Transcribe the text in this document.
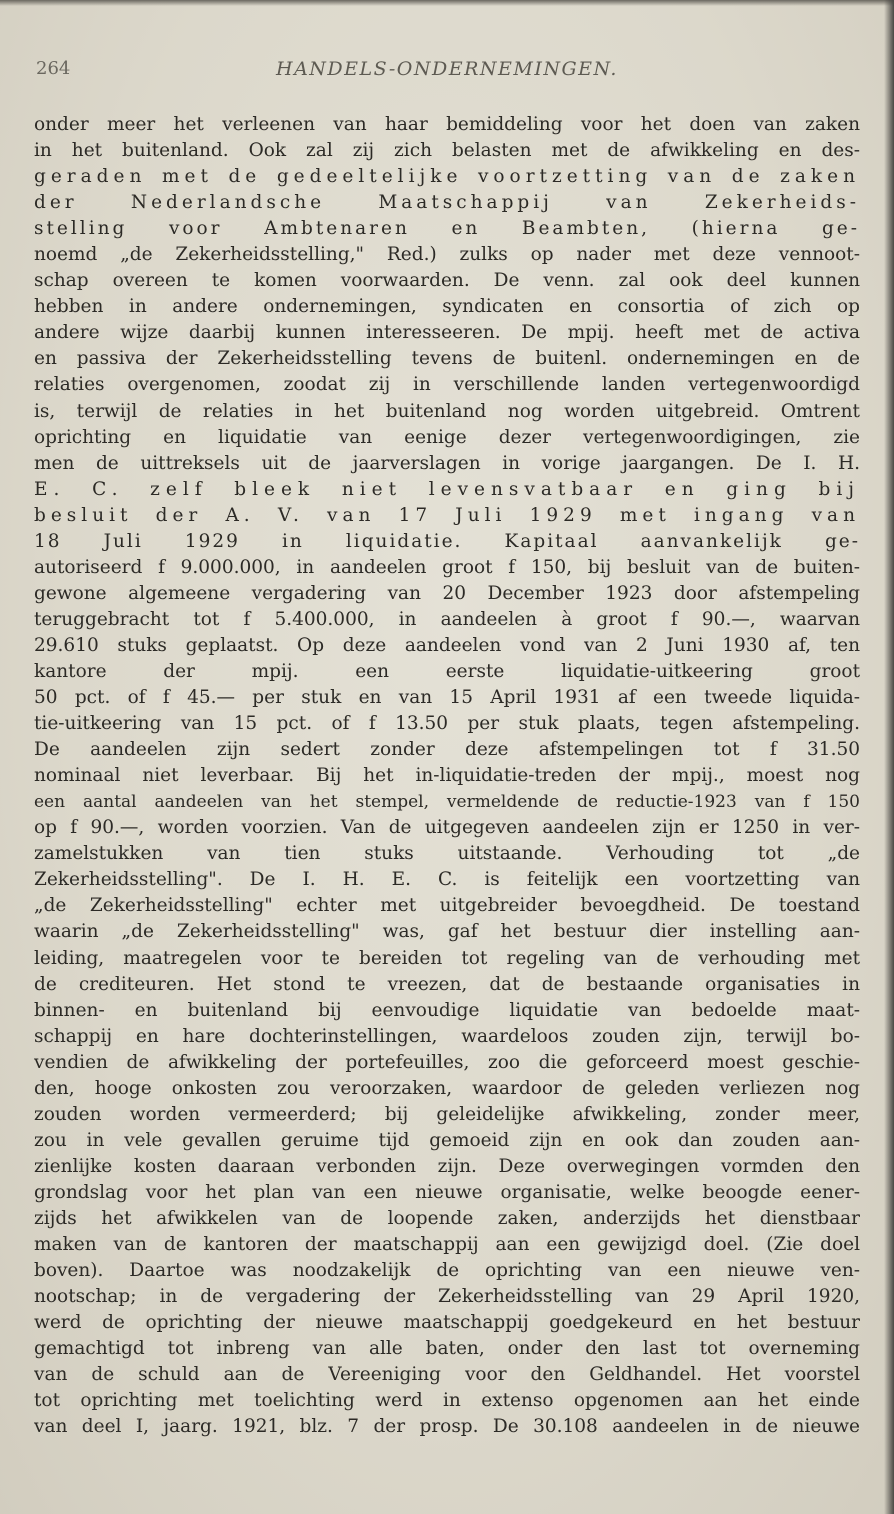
264	HANDELS-ONDERNEMINGEN.
onder meer het verleenen van haar bemiddeling voor het doen van zaken
in het buitenland. Ook zal zij zich belasten met de afwikkeling en des-
geraden met de gedeeltelijke voortzetting van de zaken
der Nederlandsche Maatschappij van Zekerheids-
stelling voor Ambtenaren en Beambten, (hierna ge-
noemd „de Zekerheidsstelling," Red.) zulks op nader met deze vennoot-
schap overeen te komen voorwaarden. De venn. zal ook deel kunnen
hebben in andere ondernemingen, syndicaten en consortia of zich op
andere wijze daarbij kunnen interesseeren. De mpij. heeft met de activa
en passiva der Zekerheidsstelling tevens de buitenl. ondernemingen en de
relaties overgenomen, zoodat zij in verschillende landen vertegenwoordigd
is, terwijl de relaties in het buitenland nog worden uitgebreid. Omtrent
oprichting en liquidatie van eenige dezer vertegenwoordigingen, zie
men de uittreksels uit de jaarverslagen in vorige jaargangen. De I. H.
E. C. zelf bleek niet levensvatbaar en ging bij
besluit der A. V. van 17 Juli 1929 met ingang van
18 Juli 1929 in liquidatie. Kapitaal aanvankelijk ge-
autoriseerd f 9.000.000, in aandeelen groot f 150, bij besluit van de buiten-
gewone algemeene vergadering van 20 December 1923 door afstempeling
teruggebracht tot f 5.400.000, in aandeelen à groot f 90.—, waarvan
29.610 stuks geplaatst. Op deze aandeelen vond van 2 Juni 1930 af, ten
kantore der mpij. een eerste liquidatie-uitkeering groot
50 pct. of f 45.— per stuk en van 15 April 1931 af een tweede liquida-
tie-uitkeering van 15 pct. of f 13.50 per stuk plaats, tegen afstempeling.
De aandeelen zijn sedert zonder deze afstempelingen tot f 31.50
nominaal niet leverbaar. Bij het in-liquidatie-treden der mpij., moest nog
een aantal aandeelen van het stempel, vermeldende de reductie-1923 van f 150
op f 90.—, worden voorzien. Van de uitgegeven aandeelen zijn er 1250 in ver-
zamelstukken van tien stuks uitstaande. Verhouding tot „de
Zekerheidsstelling". De I. H. E. C. is feitelijk een voortzetting van
„de Zekerheidsstelling" echter met uitgebreider bevoegdheid. De toestand
waarin „de Zekerheidsstelling" was, gaf het bestuur dier instelling aan-
leiding, maatregelen voor te bereiden tot regeling van de verhouding met
de crediteuren. Het stond te vreezen, dat de bestaande organisaties in
binnen- en buitenland bij eenvoudige liquidatie van bedoelde maat-
schappij en hare dochterinstellingen, waardeloos zouden zijn, terwijl bo-
vendien de afwikkeling der portefeuilles, zoo die geforceerd moest geschie-
den, hooge onkosten zou veroorzaken, waardoor de geleden verliezen nog
zouden worden vermeerderd; bij geleidelijke afwikkeling, zonder meer,
zou in vele gevallen geruime tijd gemoeid zijn en ook dan zouden aan-
zienlijke kosten daaraan verbonden zijn. Deze overwegingen vormden den
grondslag voor het plan van een nieuwe organisatie, welke beoogde eener-
zijds het afwikkelen van de loopende zaken, anderzijds het dienstbaar
maken van de kantoren der maatschappij aan een gewijzigd doel. (Zie doel
boven). Daartoe was noodzakelijk de oprichting van een nieuwe ven-
nootschap; in de vergadering der Zekerheidsstelling van 29 April 1920,
werd de oprichting der nieuwe maatschappij goedgekeurd en het bestuur
gemachtigd tot inbreng van alle baten, onder den last tot overneming
van de schuld aan de Vereeniging voor den Geldhandel. Het voorstel
tot oprichting met toelichting werd in extenso opgenomen aan het einde
van deel I, jaarg. 1921, blz. 7 der prosp. De 30.108 aandeelen in de nieuwe
